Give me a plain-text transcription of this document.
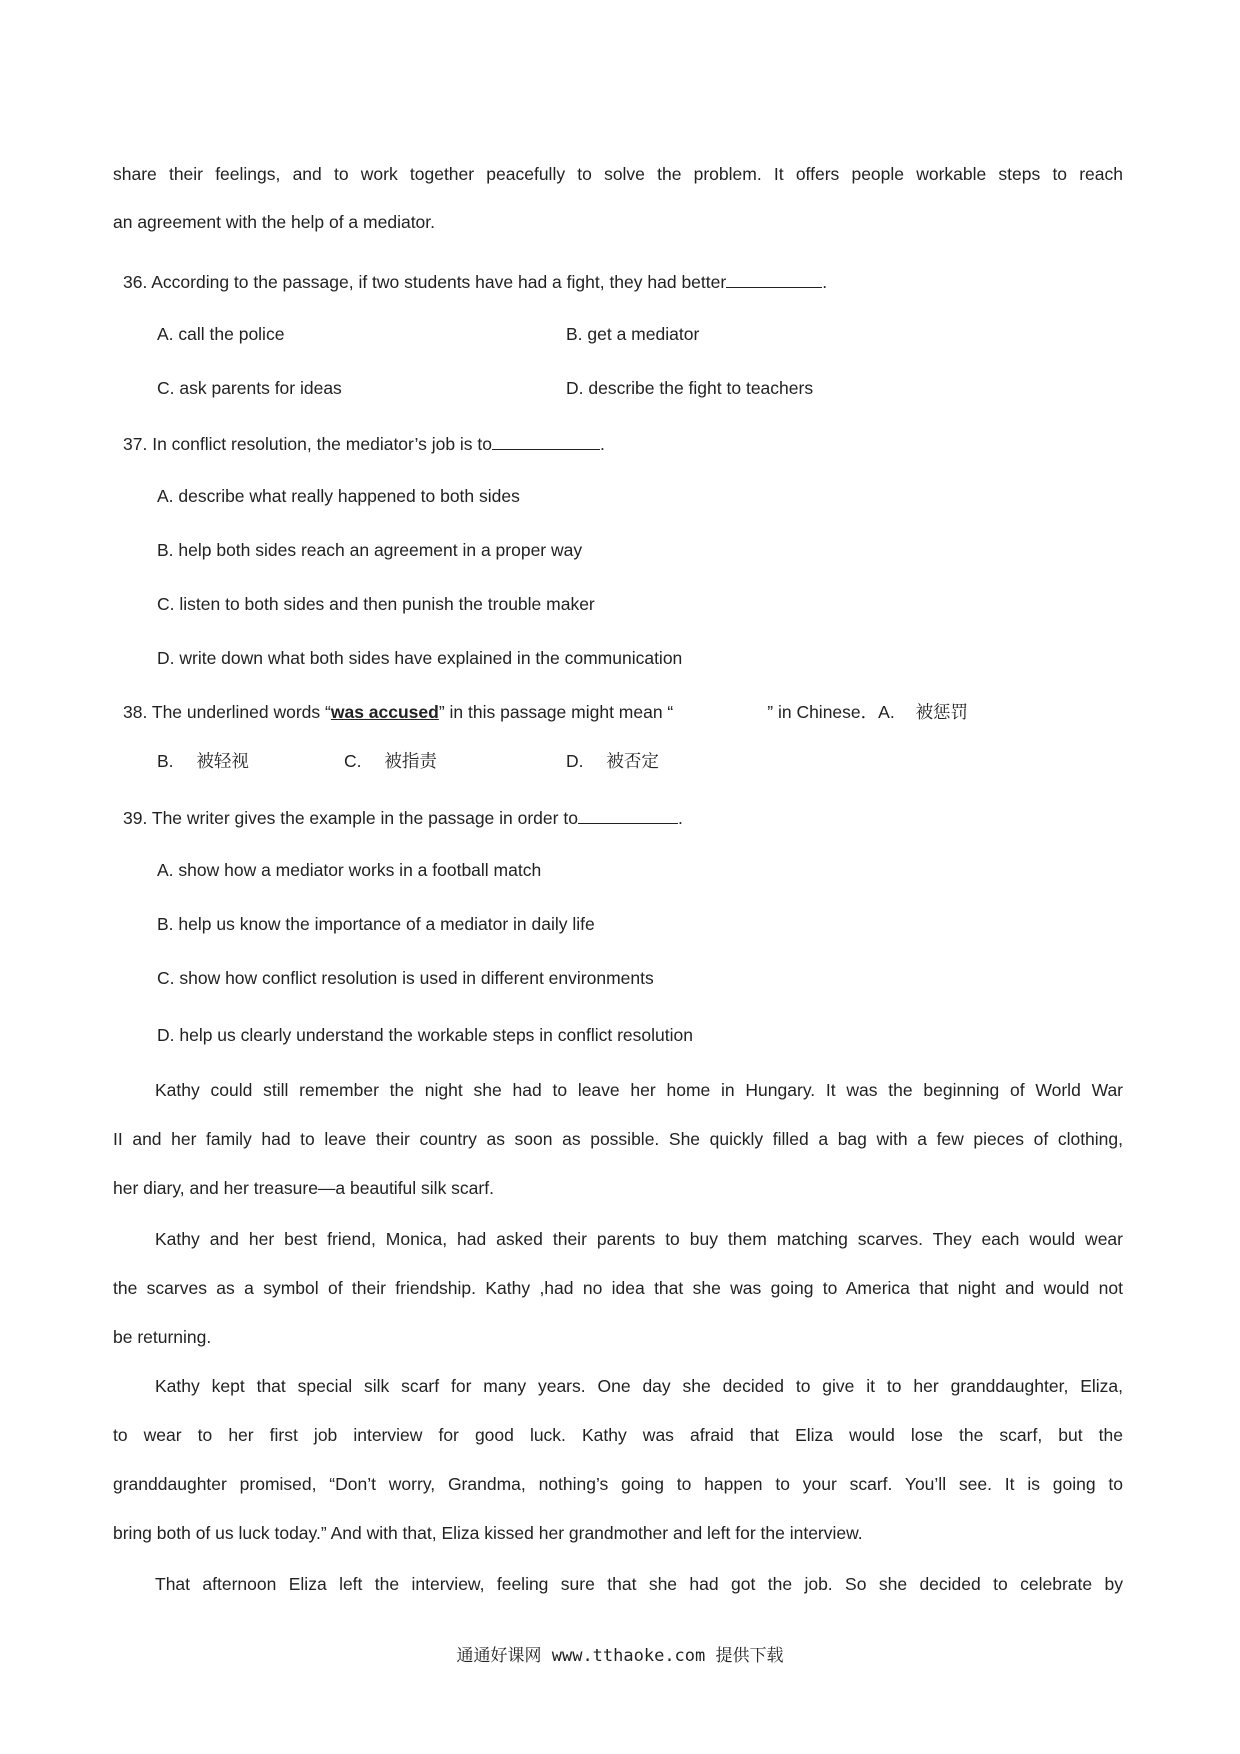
share their feelings, and to work together peacefully to solve the problem. It offers people workable steps to reach
an agreement with the help of a mediator.
36. According to the passage, if two students have had a fight, they had better	.
A. call the police	B. get a mediator
C. ask parents for ideas	D. describe the fight to teachers
37. In conflict resolution, the mediator’s job is to	.
A. describe what really happened to both sides
B. help both sides reach an agreement in a proper way
C. listen to both sides and then punish the trouble maker
D. write down what both sides have explained in the communication
38. The underlined words “was accused” in this passage might mean “	” in Chinese．A. 被惩罚
B. 被轻视	C. 被指责	D. 被否定
39. The writer gives the example in the passage in order to	.
A. show how a mediator works in a football match
B. help us know the importance of a mediator in daily life
C. show how conflict resolution is used in different environments
D. help us clearly understand the workable steps in conflict resolution
Kathy could still remember the night she had to leave her home in Hungary. It was the beginning of World War
II and her family had to leave their country as soon as possible. She quickly filled a bag with a few pieces of clothing,
her diary, and her treasure—a beautiful silk scarf.
Kathy and her best friend, Monica, had asked their parents to buy them matching scarves. They each would wear
the scarves as a symbol of their friendship. Kathy ,had no idea that she was going to America that night and would not
be returning.
Kathy kept that special silk scarf for many years. One day she decided to give it to her granddaughter, Eliza,
to wear to her first job interview for good luck. Kathy was afraid that Eliza would lose the scarf, but the
granddaughter promised, “Don’t worry, Grandma, nothing’s going to happen to your scarf. You’ll see. It is going to
bring both of us luck today.” And with that, Eliza kissed her grandmother and left for the interview.
That afternoon Eliza left the interview, feeling sure that she had got the job. So she decided to celebrate by
通通好课网 www.tthaoke.com 提供下载
